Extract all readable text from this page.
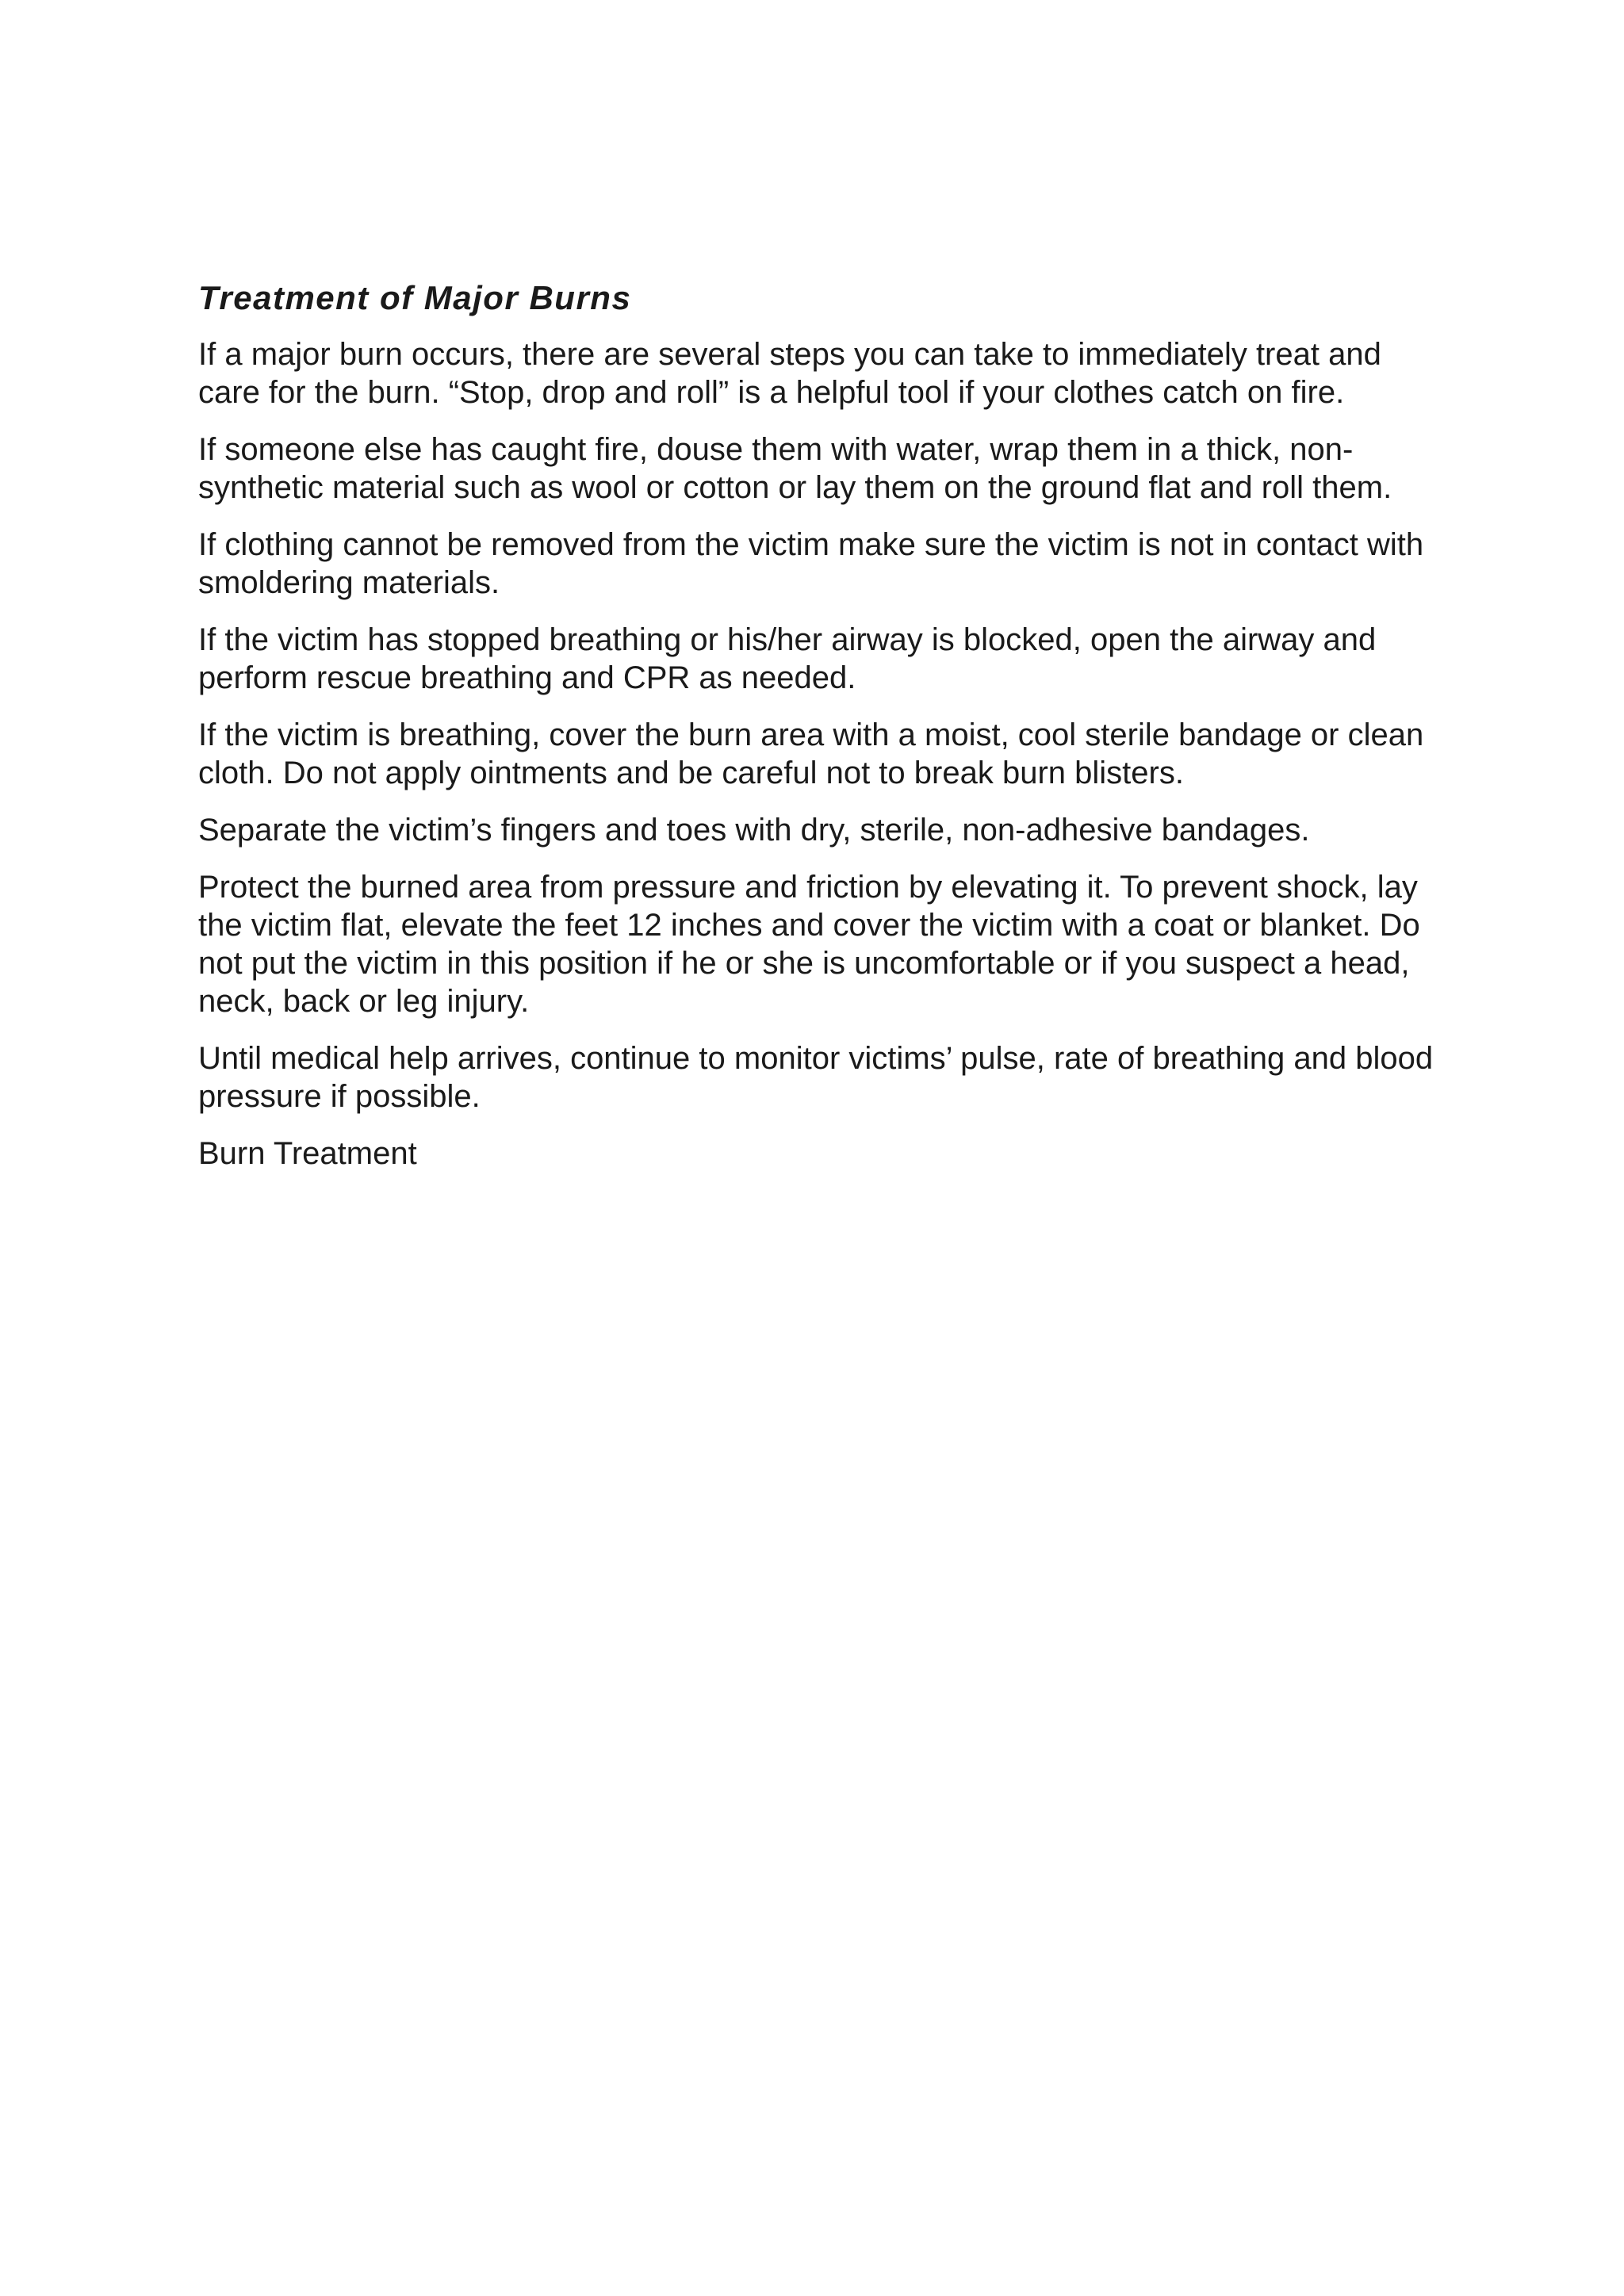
Treatment of Major Burns

If a major burn occurs, there are several steps you can take to immediately treat and care for the burn. “Stop, drop and roll” is a helpful tool if your clothes catch on fire.

If someone else has caught fire, douse them with water, wrap them in a thick, non-synthetic material such as wool or cotton or lay them on the ground flat and roll them.

If clothing cannot be removed from the victim make sure the victim is not in contact with smoldering materials.

If the victim has stopped breathing or his/her airway is blocked, open the airway and perform rescue breathing and CPR as needed.

If the victim is breathing, cover the burn area with a moist, cool sterile bandage or clean cloth. Do not apply ointments and be careful not to break burn blisters.

Separate the victim’s fingers and toes with dry, sterile, non-adhesive bandages.

Protect the burned area from pressure and friction by elevating it. To prevent shock, lay the victim flat, elevate the feet 12 inches and cover the victim with a coat or blanket. Do not put the victim in this position if he or she is uncomfortable or if you suspect a head, neck, back or leg injury.

Until medical help arrives, continue to monitor victims’ pulse, rate of breathing and blood pressure if possible.

Burn Treatment
